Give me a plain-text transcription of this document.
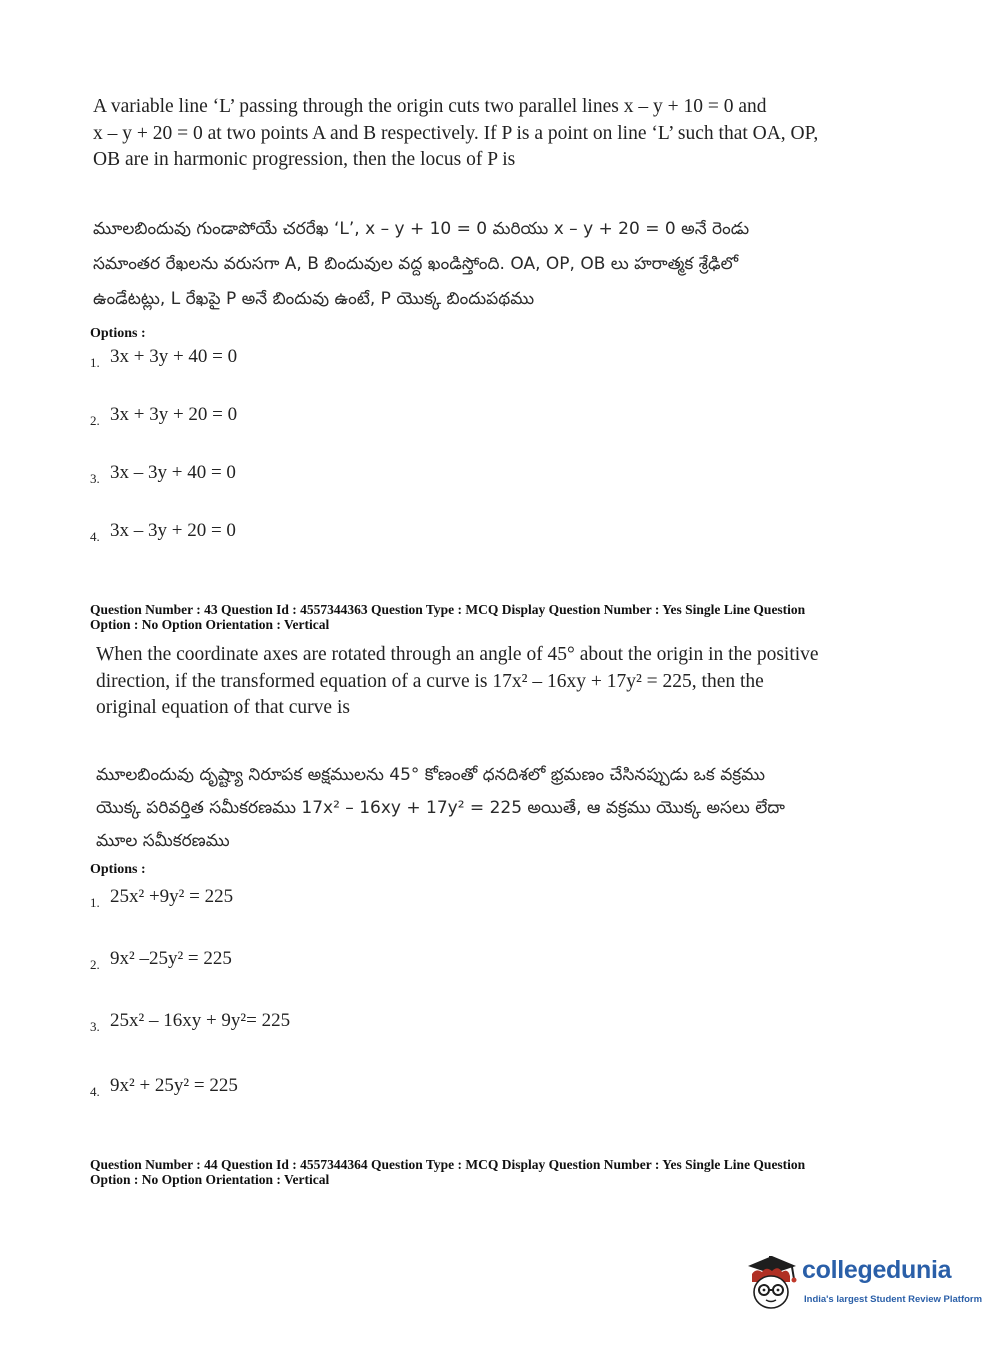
A variable line ‘L’ passing through the origin cuts two parallel lines x – y + 10 = 0 and
x – y + 20 = 0 at two points A and B respectively. If P is a point on line ‘L’ such that OA, OP,
OB are in harmonic progression, then the locus of P is
మూలబిందువు గుండాపోయే చరరేఖ ‘L’, x – y + 10 = 0 మరియు x – y + 20 = 0 అనే రెండు
సమాంతర రేఖలను వరుసగా A, B బిందువుల వద్ద ఖండిస్తోంది. OA, OP, OB లు హరాత్మక శ్రేఢిలో
ఉండేటట్లు, L రేఖపై P అనే బిందువు ఉంటే, P యొక్క బిందుపథము
Options :
1. 3x + 3y + 40 = 0
2. 3x + 3y + 20 = 0
3. 3x – 3y + 40 = 0
4. 3x – 3y + 20 = 0
Question Number : 43 Question Id : 4557344363 Question Type : MCQ Display Question Number : Yes Single Line Question
Option : No Option Orientation : Vertical
When the coordinate axes are rotated through an angle of 45° about the origin in the positive
direction, if the transformed equation of a curve is 17x² – 16xy + 17y² = 225, then the
original equation of that curve is
మూలబిందువు దృష్ట్యా నిరూపక అక్షములను 45° కోణంతో ధనదిశలో భ్రమణం చేసినప్పుడు ఒక వక్రము
యొక్క పరివర్తిత సమీకరణము 17x² – 16xy + 17y² = 225 అయితే, ఆ వక్రము యొక్క అసలు లేదా
మూల సమీకరణము
Options :
1. 25x² +9y² = 225
2. 9x² –25y² = 225
3. 25x² – 16xy + 9y²= 225
4. 9x² + 25y² = 225
Question Number : 44 Question Id : 4557344364 Question Type : MCQ Display Question Number : Yes Single Line Question
Option : No Option Orientation : Vertical
collegedunia
India's largest Student Review Platform
